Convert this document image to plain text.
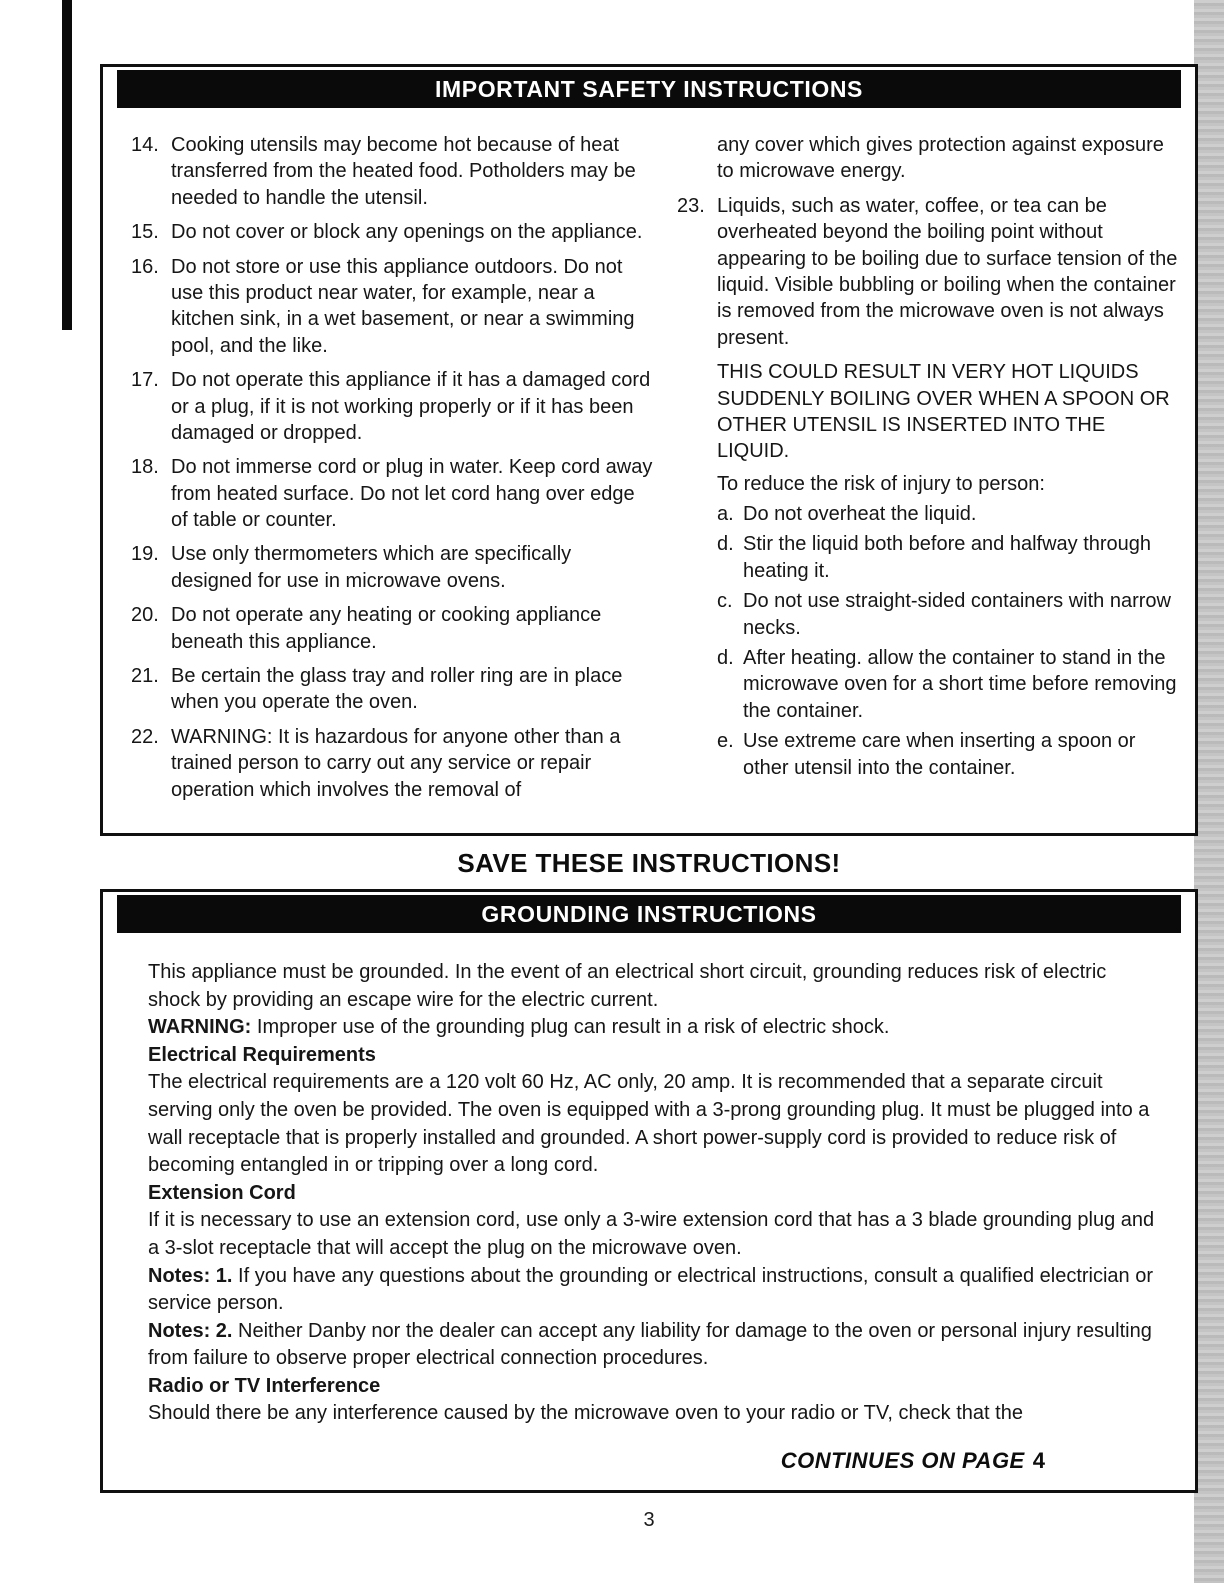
IMPORTANT SAFETY INSTRUCTIONS
14. Cooking utensils may become hot because of heat transferred from the heated food. Potholders may be needed to handle the utensil.
15. Do not cover or block any openings on the appliance.
16. Do not store or use this appliance outdoors. Do not use this product near water, for example, near a kitchen sink, in a wet basement, or near a swimming pool, and the like.
17. Do not operate this appliance if it has a damaged cord or a plug, if it is not working properly or if it has been damaged or dropped.
18. Do not immerse cord or plug in water. Keep cord away from heated surface. Do not let cord hang over edge of table or counter.
19. Use only thermometers which are specifically designed for use in microwave ovens.
20. Do not operate any heating or cooking appliance beneath this appliance.
21. Be certain the glass tray and roller ring are in place when you operate the oven.
22. WARNING: It is hazardous for anyone other than a trained person to carry out any service or repair operation which involves the removal of
any cover which gives protection against exposure to microwave energy.
23. Liquids, such as water, coffee, or tea can be overheated beyond the boiling point without appearing to be boiling due to surface tension of the liquid. Visible bubbling or boiling when the container is removed from the microwave oven is not always present.
THIS COULD RESULT IN VERY HOT LIQUIDS SUDDENLY BOILING OVER WHEN A SPOON OR OTHER UTENSIL IS INSERTED INTO THE LIQUID.
To reduce the risk of injury to person:
a. Do not overheat the liquid.
d. Stir the liquid both before and halfway through heating it.
c. Do not use straight-sided containers with narrow necks.
d. After heating. allow the container to stand in the microwave oven for a short time before removing the container.
e. Use extreme care when inserting a spoon or other utensil into the container.
SAVE THESE INSTRUCTIONS!
GROUNDING INSTRUCTIONS
This appliance must be grounded. In the event of an electrical short circuit, grounding reduces risk of electric shock by providing an escape wire for the electric current.
WARNING: Improper use of the grounding plug can result in a risk of electric shock.
Electrical Requirements
The electrical requirements are a 120 volt 60 Hz, AC only, 20 amp. It is recommended that a separate circuit serving only the oven be provided. The oven is equipped with a 3-prong grounding plug. It must be plugged into a wall receptacle that is properly installed and grounded. A short power-supply cord is provided to reduce risk of becoming entangled in or tripping over a long cord.
Extension Cord
If it is necessary to use an extension cord, use only a 3-wire extension cord that has a 3 blade grounding plug and a 3-slot receptacle that will accept the plug on the microwave oven.
Notes: 1. If you have any questions about the grounding or electrical instructions, consult a qualified electrician or service person.
Notes: 2. Neither Danby nor the dealer can accept any liability for damage to the oven or personal injury resulting from failure to observe proper electrical connection procedures.
Radio or TV Interference
Should there be any interference caused by the microwave oven to your radio or TV, check that the
CONTINUES ON PAGE 4
3
